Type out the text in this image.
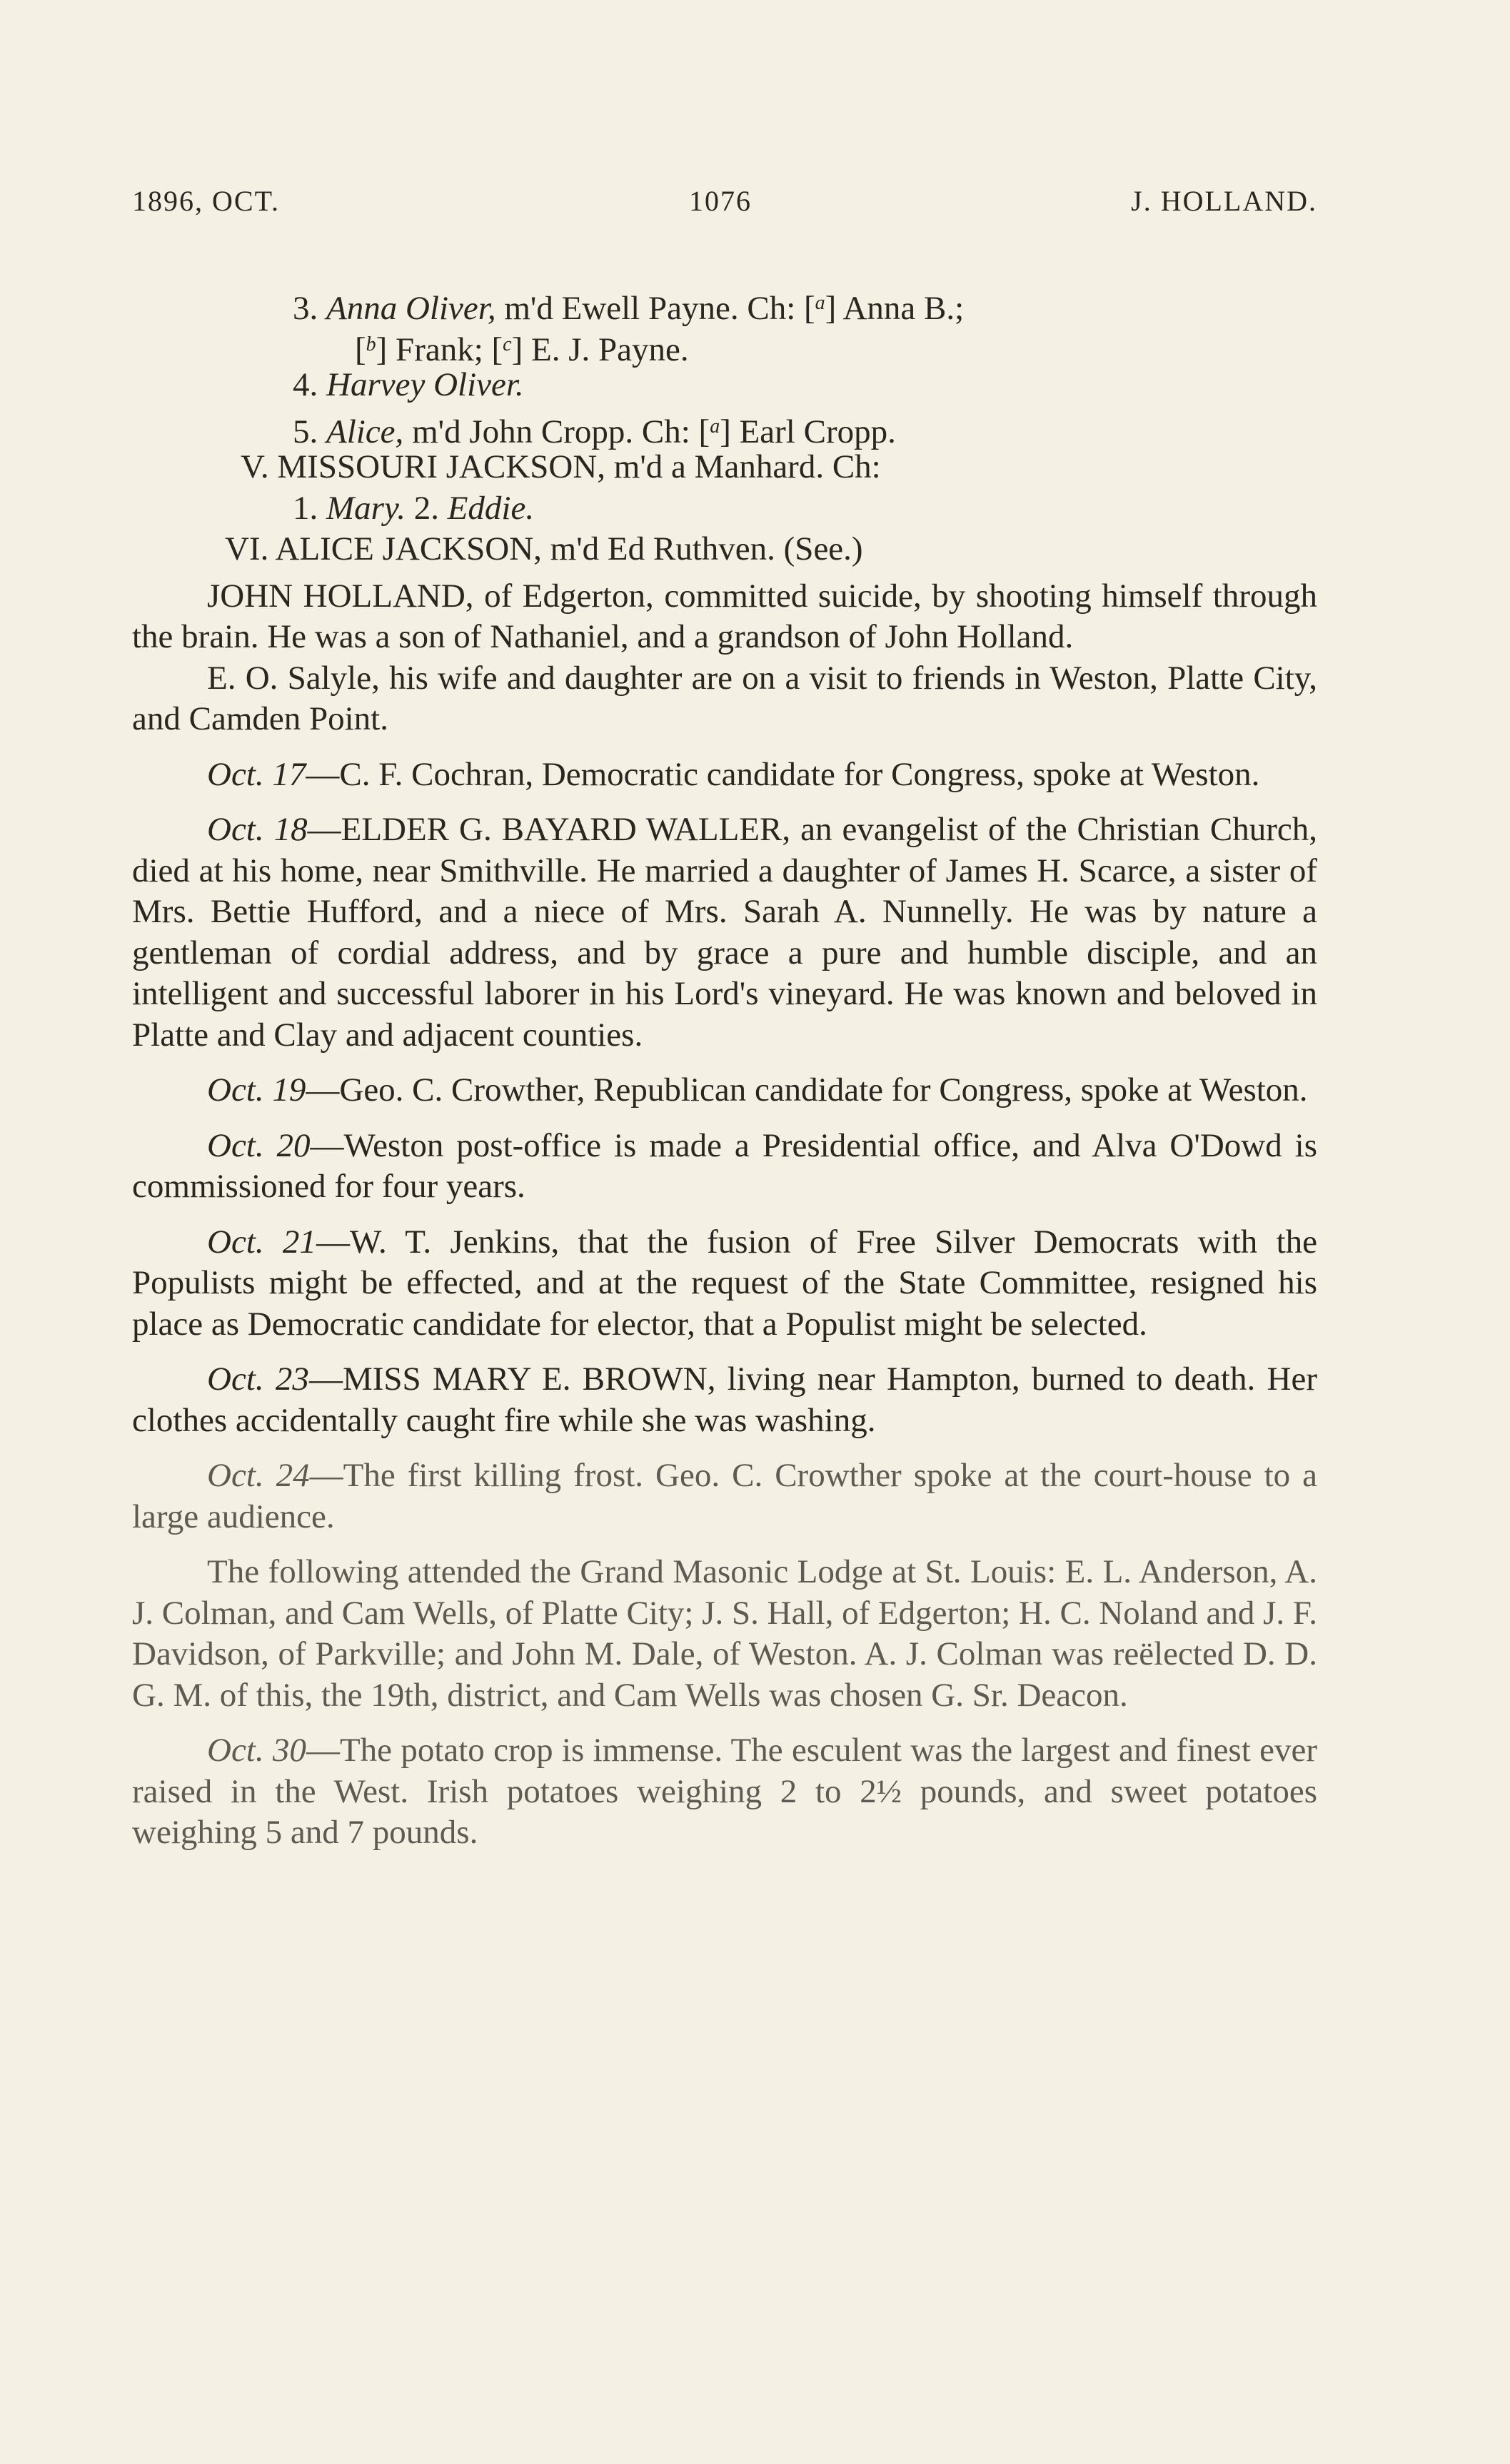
1896, OCT.	1076	J. HOLLAND.
3. Anna Oliver, m'd Ewell Payne. Ch: [$^a$] Anna B.;
[$^b$] Frank; [$^c$] E. J. Payne.
4. Harvey Oliver.
5. Alice, m'd John Cropp. Ch: [$^a$] Earl Cropp.
V. MISSOURI JACKSON, m'd a Manhard. Ch:
1. Mary. 2. Eddie.
VI. ALICE JACKSON, m'd Ed Ruthven. (See.)

JOHN HOLLAND, of Edgerton, committed suicide, by shooting himself through the brain. He was a son of Nathaniel, and a grandson of John Holland.

E. O. Salyle, his wife and daughter are on a visit to friends in Weston, Platte City, and Camden Point.

Oct. 17—C. F. Cochran, Democratic candidate for Congress, spoke at Weston.

Oct. 18—ELDER G. BAYARD WALLER, an evangelist of the Christian Church, died at his home, near Smithville. He married a daughter of James H. Scarce, a sister of Mrs. Bettie Hufford, and a niece of Mrs. Sarah A. Nunnelly. He was by nature a gentleman of cordial address, and by grace a pure and humble disciple, and an intelligent and successful laborer in his Lord's vineyard. He was known and beloved in Platte and Clay and adjacent counties.

Oct. 19—Geo. C. Crowther, Republican candidate for Congress, spoke at Weston.

Oct. 20—Weston post-office is made a Presidential office, and Alva O'Dowd is commissioned for four years.

Oct. 21—W. T. Jenkins, that the fusion of Free Silver Democrats with the Populists might be effected, and at the request of the State Committee, resigned his place as Democratic candidate for elector, that a Populist might be selected.

Oct. 23—MISS MARY E. BROWN, living near Hampton, burned to death. Her clothes accidentally caught fire while she was washing.

Oct. 24—The first killing frost. Geo. C. Crowther spoke at the court-house to a large audience.

The following attended the Grand Masonic Lodge at St. Louis: E. L. Anderson, A. J. Colman, and Cam Wells, of Platte City; J. S. Hall, of Edgerton; H. C. Noland and J. F. Davidson, of Parkville; and John M. Dale, of Weston. A. J. Colman was reëlected D. D. G. M. of this, the 19th, district, and Cam Wells was chosen G. Sr. Deacon.

Oct. 30—The potato crop is immense. The esculent was the largest and finest ever raised in the West. Irish potatoes weighing 2 to 2½ pounds, and sweet potatoes weighing 5 and 7 pounds.
